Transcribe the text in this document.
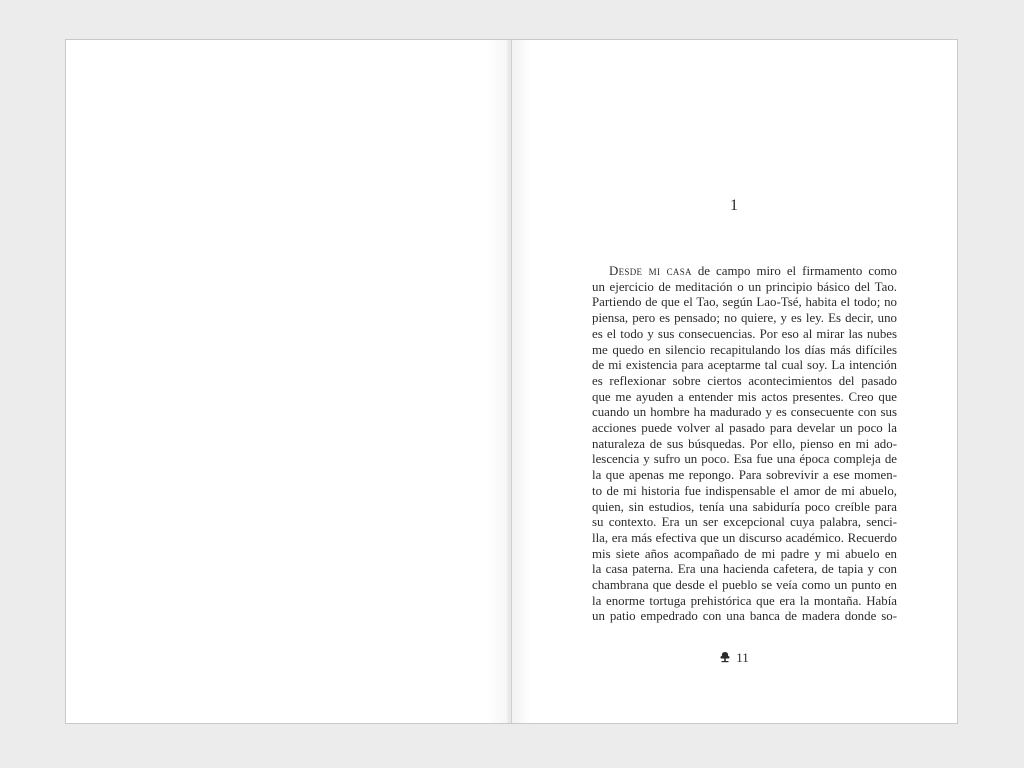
1
Desde mi casa de campo miro el firmamento como
un ejercicio de meditación o un principio básico del Tao.
Partiendo de que el Tao, según Lao-Tsé, habita el todo; no
piensa, pero es pensado; no quiere, y es ley. Es decir, uno
es el todo y sus consecuencias. Por eso al mirar las nubes
me quedo en silencio recapitulando los días más difíciles
de mi existencia para aceptarme tal cual soy. La intención
es reflexionar sobre ciertos acontecimientos del pasado
que me ayuden a entender mis actos presentes. Creo que
cuando un hombre ha madurado y es consecuente con sus
acciones puede volver al pasado para develar un poco la
naturaleza de sus búsquedas. Por ello, pienso en mi ado-
lescencia y sufro un poco. Esa fue una época compleja de
la que apenas me repongo. Para sobrevivir a ese momen-
to de mi historia fue indispensable el amor de mi abuelo,
quien, sin estudios, tenía una sabiduría poco creíble para
su contexto. Era un ser excepcional cuya palabra, senci-
lla, era más efectiva que un discurso académico. Recuerdo
mis siete años acompañado de mi padre y mi abuelo en
la casa paterna. Era una hacienda cafetera, de tapia y con
chambrana que desde el pueblo se veía como un punto en
la enorme tortuga prehistórica que era la montaña. Había
un patio empedrado con una banca de madera donde so-
11
